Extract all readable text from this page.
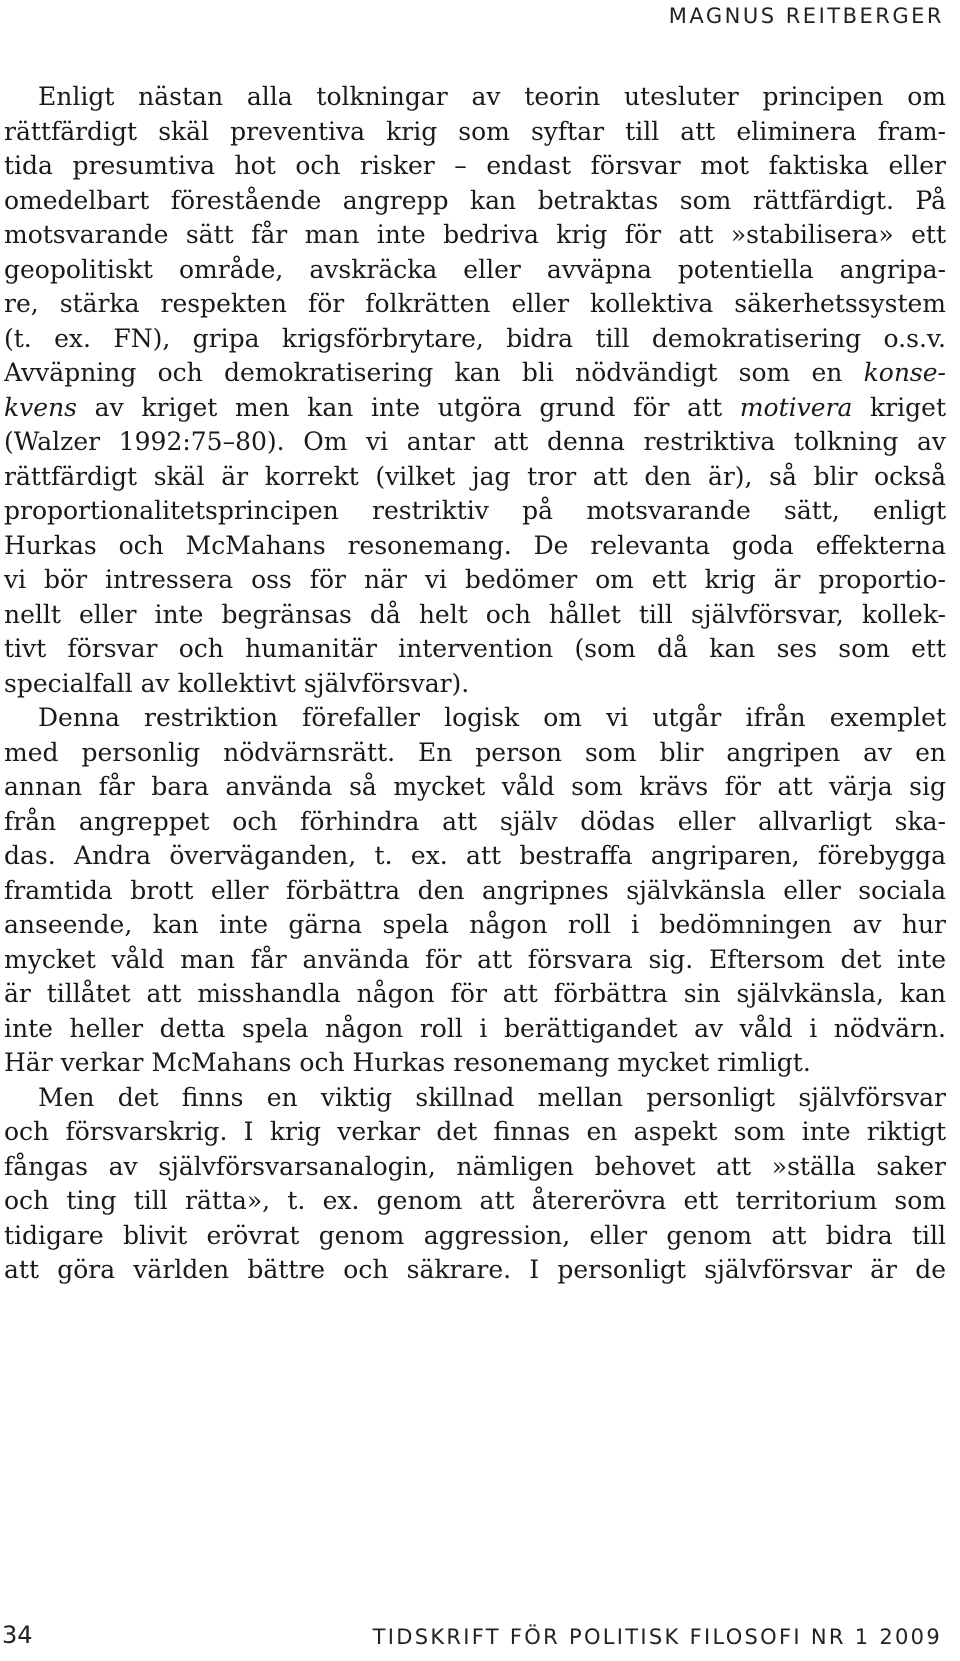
MAGNUS REITBERGER
Enligt nästan alla tolkningar av teorin utesluter principen om
rättfärdigt skäl preventiva krig som syftar till att eliminera fram-
tida presumtiva hot och risker – endast försvar mot faktiska eller
omedelbart förestående angrepp kan betraktas som rättfärdigt. På
motsvarande sätt får man inte bedriva krig för att »stabilisera» ett
geopolitiskt område, avskräcka eller avväpna potentiella angripa-
re, stärka respekten för folkrätten eller kollektiva säkerhetssystem
(t. ex. FN), gripa krigsförbrytare, bidra till demokratisering o.s.v.
Avväpning och demokratisering kan bli nödvändigt som en konse-
kvens av kriget men kan inte utgöra grund för att motivera kriget
(Walzer 1992:75–80). Om vi antar att denna restriktiva tolkning av
rättfärdigt skäl är korrekt (vilket jag tror att den är), så blir också
proportionalitetsprincipen restriktiv på motsvarande sätt, enligt
Hurkas och McMahans resonemang. De relevanta goda effekterna
vi bör intressera oss för när vi bedömer om ett krig är proportio-
nellt eller inte begränsas då helt och hållet till självförsvar, kollek-
tivt försvar och humanitär intervention (som då kan ses som ett
specialfall av kollektivt självförsvar).
Denna restriktion förefaller logisk om vi utgår ifrån exemplet
med personlig nödvärnsrätt. En person som blir angripen av en
annan får bara använda så mycket våld som krävs för att värja sig
från angreppet och förhindra att själv dödas eller allvarligt ska-
das. Andra överväganden, t. ex. att bestraffa angriparen, förebygga
framtida brott eller förbättra den angripnes självkänsla eller sociala
anseende, kan inte gärna spela någon roll i bedömningen av hur
mycket våld man får använda för att försvara sig. Eftersom det inte
är tillåtet att misshandla någon för att förbättra sin självkänsla, kan
inte heller detta spela någon roll i berättigandet av våld i nödvärn.
Här verkar McMahans och Hurkas resonemang mycket rimligt.
Men det finns en viktig skillnad mellan personligt självförsvar
och försvarskrig. I krig verkar det finnas en aspekt som inte riktigt
fångas av självförsvarsanalogin, nämligen behovet att »ställa saker
och ting till rätta», t. ex. genom att återerövra ett territorium som
tidigare blivit erövrat genom aggression, eller genom att bidra till
att göra världen bättre och säkrare. I personligt självförsvar är de
34	TIDSKRIFT FÖR POLITISK FILOSOFI NR 1 2009
